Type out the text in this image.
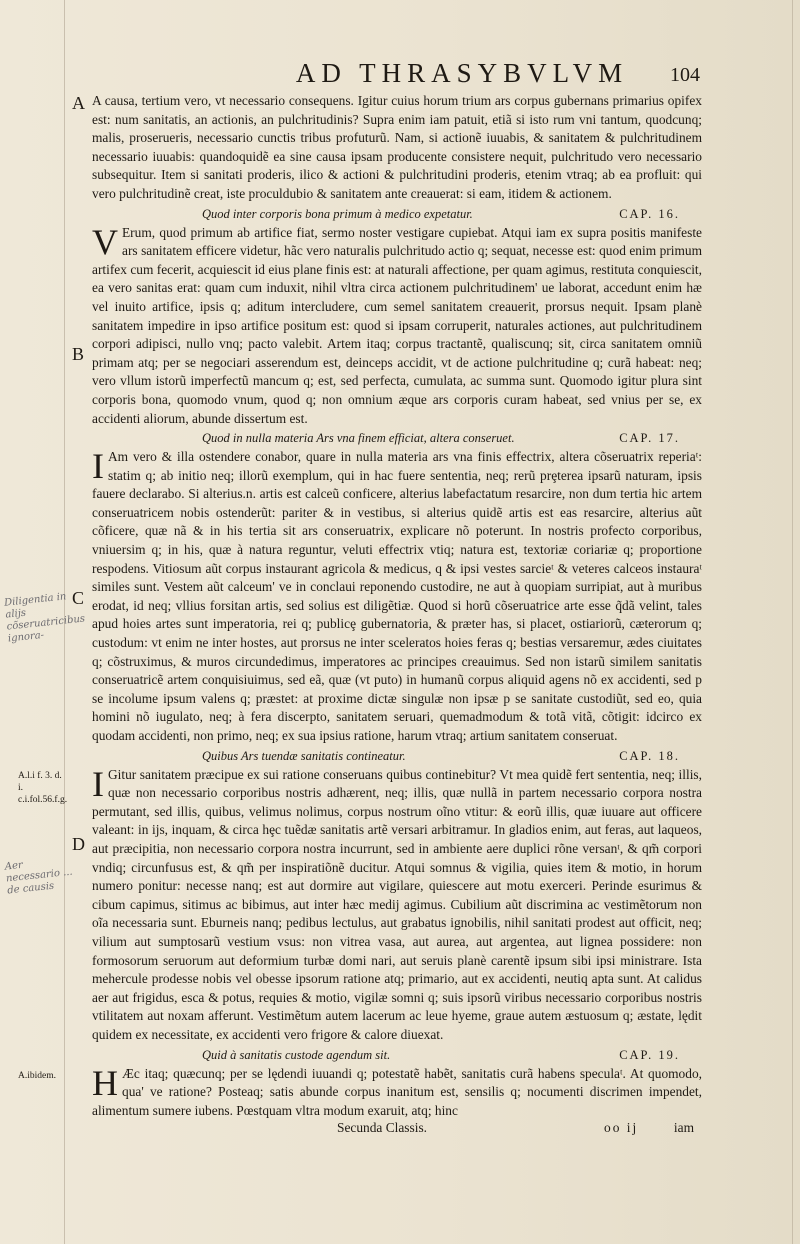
AD THRASYBVLVM	104
A
B
C
D
Diligentia in alijs cõseruatricibus ignora-
A.l.i f. 3. d. i. c.i.fol.56.f.g.
Aer necessario ... de causis
A.ibidem.

A causa, tertium vero, vt necessario consequens. Igitur cuius horum trium ars corpus gubernans primarius opifex est: num sanitatis, an actionis, an pulchritudinis? Supra enim iam patuit, etiã si isto rum vni tantum, quodcunq; malis, proserueris, necessario cunctis tribus profuturũ. Nam, si actionẽ iuuabis, & sanitatem & pulchritudinem necessario iuuabis: quandoquidẽ ea sine causa ipsam producente consistere nequit, pulchritudo vero necessario subsequitur. Item si sanitati proderis, ilico & actioni & pulchritudini proderis, etenim vtraq; ab ea profluit: qui vero pulchritudinẽ creat, iste proculdubio & sanitatem ante creauerat: si eam, itidem & actionem.

Quod inter corporis bona primum à medico expetatur.	CAP. 16.

V Erum, quod primum ab artifice fiat, sermo noster vestigare cupiebat. Atqui iam ex supra positis manifeste ars sanitatem efficere videtur, hãc vero naturalis pulchritudo actio q; sequat, necesse est: quod enim primum artifex cum fecerit, acquiescit id eius plane finis est: at naturali affectione, per quam agimus, restituta conquiescit, ea vero sanitas erat: quam cum induxit, nihil vltra circa actionem pulchritudinem' ue laborat, accedunt enim hæ vel inuito artifice, ipsis q; aditum intercludere, cum semel sanitatem creauerit, prorsus nequit. Ipsam planè sanitatem impedire in ipso artifice positum est: quod si ipsam corruperit, naturales actiones, aut pulchritudinem corpori adipisci, nullo vnq; pacto valebit. Artem itaq; corpus tractantẽ, qualiscunq; sit, circa sanitatem omniũ primam atq; per se negociari asserendum est, deinceps accidit, vt de actione pulchritudine q; curã habeat: neq; vero vllum istorũ imperfectũ mancum q; est, sed perfecta, cumulata, ac summa sunt. Quomodo igitur plura sint corporis bona, quomodo vnum, quod q; non omnium æque ars corporis curam habeat, sed vnius per se, ex accidenti aliorum, abunde dissertum est.

Quod in nulla materia Ars vna finem efficiat, altera conseruet.	CAP. 17.

I Am vero & illa ostendere conabor, quare in nulla materia ars vna finis effectrix, altera cõseruatrix reperiaᵗ: statim q; ab initio neq; illorũ exemplum, qui in hac fuere sententia, neq; rerũ prȩterea ipsarũ naturam, ipsis fauere declarabo. Si alterius.n. artis est calceũ conficere, alterius labefactatum resarcire, non dum tertia hic artem conseruatricem nobis ostenderũt: pariter & in vestibus, si alterius quidẽ artis est eas resarcire, alterius aũt cõficere, quæ nã & in his tertia sit ars conseruatrix, explicare nõ poterunt. In nostris profecto corporibus, vniuersim q; in his, quæ à natura reguntur, veluti effectrix vtiq; natura est, textoriæ coriariæ q; proportione respodens. Vitiosum aũt corpus instaurant agricola & medicus, q & ipsi vestes sarcieᵗ & veteres calceos instauraᵗ similes sunt. Vestem aũt calceum' ve in conclaui reponendo custodire, ne aut à quopiam surripiat, aut à muribus erodat, id neq; vllius forsitan artis, sed solius est diligẽtiæ. Quod si horũ cõseruatrice arte esse q̃dã velint, tales apud hoies artes sunt imperatoria, rei q; publicȩ gubernatoria, & præter has, si placet, ostiariorũ, cæterorum q; custodum: vt enim ne inter hostes, aut prorsus ne inter sceleratos hoies feras q; bestias versaremur, ædes ciuitates q; cõstruximus, & muros circundedimus, imperatores ac principes creauimus. Sed non istarũ similem sanitatis conseruatricẽ artem conquisiuimus, sed eã, quæ (vt puto) in humanũ corpus aliquid agens nõ ex accidenti, sed p se incolume ipsum valens q; præstet: at proxime dictæ singulæ non ipsæ p se sanitate custodiũt, sed eo, quia homini nõ iugulato, neq; à fera discerpto, sanitatem seruari, quemadmodum & totã vitã, cõtigit: idcirco ex quodam accidenti, non primo, neq; ex sua ipsius ratione, harum vtraq; artium sanitatem conseruat.

Quibus Ars tuendæ sanitatis contineatur.	CAP. 18.

I Gitur sanitatem præcipue ex sui ratione conseruans quibus continebitur? Vt mea quidẽ fert sententia, neq; illis, quæ non necessario corporibus nostris adhærent, neq; illis, quæ nullã in partem necessario corpora nostra permutant, sed illis, quibus, velimus nolimus, corpus nostrum oĩno vtitur: & eorũ illis, quæ iuuare aut officere valeant: in ijs, inquam, & circa hȩc tuẽdæ sanitatis artẽ versari arbitramur. In gladios enim, aut feras, aut laqueos, aut præcipitia, non necessario corpora nostra incurrunt, sed in ambiente aere duplici rõne versanᵗ, & qm̃ corpori vndiq; circunfusus est, & qm̃ per inspiratiõnẽ ducitur. Atqui somnus & vigilia, quies item & motio, in horum numero ponitur: necesse nanq; est aut dormire aut vigilare, quiescere aut motu exerceri. Perinde esurimus & cibum capimus, sitimus ac bibimus, aut inter hæc medij agimus. Cubilium aũt discrimina ac vestimẽtorum non oĩa necessaria sunt. Eburneis nanq; pedibus lectulus, aut grabatus ignobilis, nihil sanitati prodest aut officit, neq; vilium aut sumptosarũ vestium vsus: non vitrea vasa, aut aurea, aut argentea, aut lignea possidere: non formosorum seruorum aut deformium turbæ domi nari, aut seruis planè carentẽ ipsum sibi ipsi ministrare. Ista mehercule prodesse nobis vel obesse ipsorum ratione atq; primario, aut ex accidenti, neutiq apta sunt. At calidus aer aut frigidus, esca & potus, requies & motio, vigilæ somni q; suis ipsorũ viribus necessario corporibus nostris vtilitatem aut noxam afferunt. Vestimẽtum autem lacerum ac leue hyeme, graue autem æstuosum q; æstate, lędit quidem ex necessitate, ex accidenti vero frigore & calore diuexat.

Quid à sanitatis custode agendum sit.	CAP. 19.

H Æc itaq; quæcunq; per se lędendi iuuandi q; potestatẽ habẽt, sanitatis curã habens speculaᵗ. At quomodo, qua' ve ratione? Posteaq; satis abunde corpus inanitum est, sensilis q; nocumenti discrimen impendet, alimentum sumere iubens. Pœstquam vltra modum exaruit, atq; hinc

Secunda Classis.	oo ij	iam
